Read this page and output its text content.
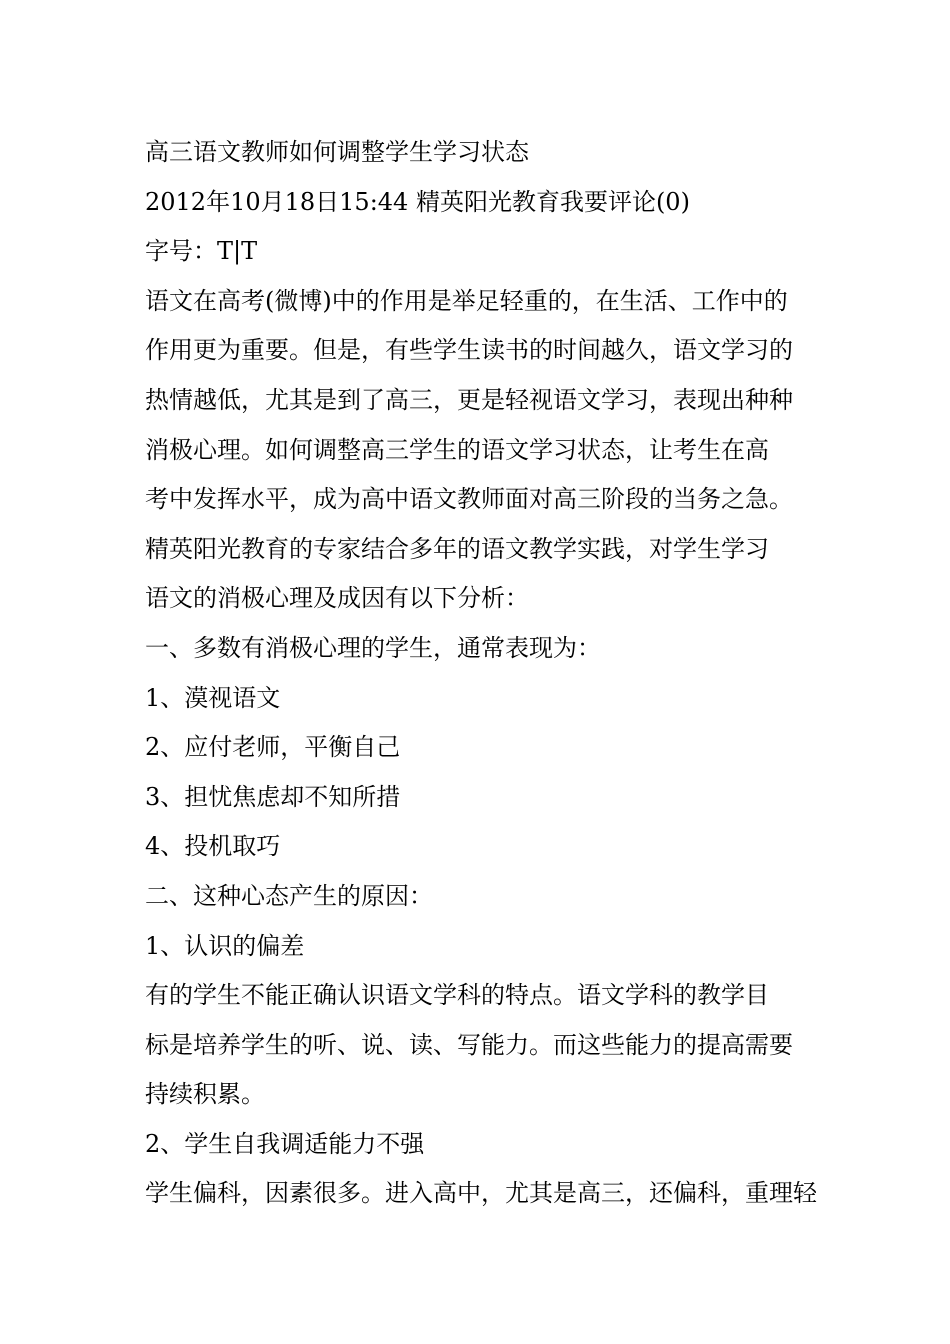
高三语文教师如何调整学生学习状态

2012年10月18日15:44 精英阳光教育我要评论(0)

字号：T|T

语文在高考(微博)中的作用是举足轻重的，在生活、工作中的

作用更为重要。但是，有些学生读书的时间越久，语文学习的

热情越低，尤其是到了高三，更是轻视语文学习，表现出种种

消极心理。如何调整高三学生的语文学习状态，让考生在高

考中发挥水平，成为高中语文教师面对高三阶段的当务之急。

精英阳光教育的专家结合多年的语文教学实践，对学生学习

语文的消极心理及成因有以下分析：

一、多数有消极心理的学生，通常表现为：

1、漠视语文

2、应付老师，平衡自己

3、担忧焦虑却不知所措

4、投机取巧

二、这种心态产生的原因：

1、认识的偏差

有的学生不能正确认识语文学科的特点。语文学科的教学目

标是培养学生的听、说、读、写能力。而这些能力的提高需要

持续积累。

2、学生自我调适能力不强

学生偏科，因素很多。进入高中，尤其是高三，还偏科，重理轻
